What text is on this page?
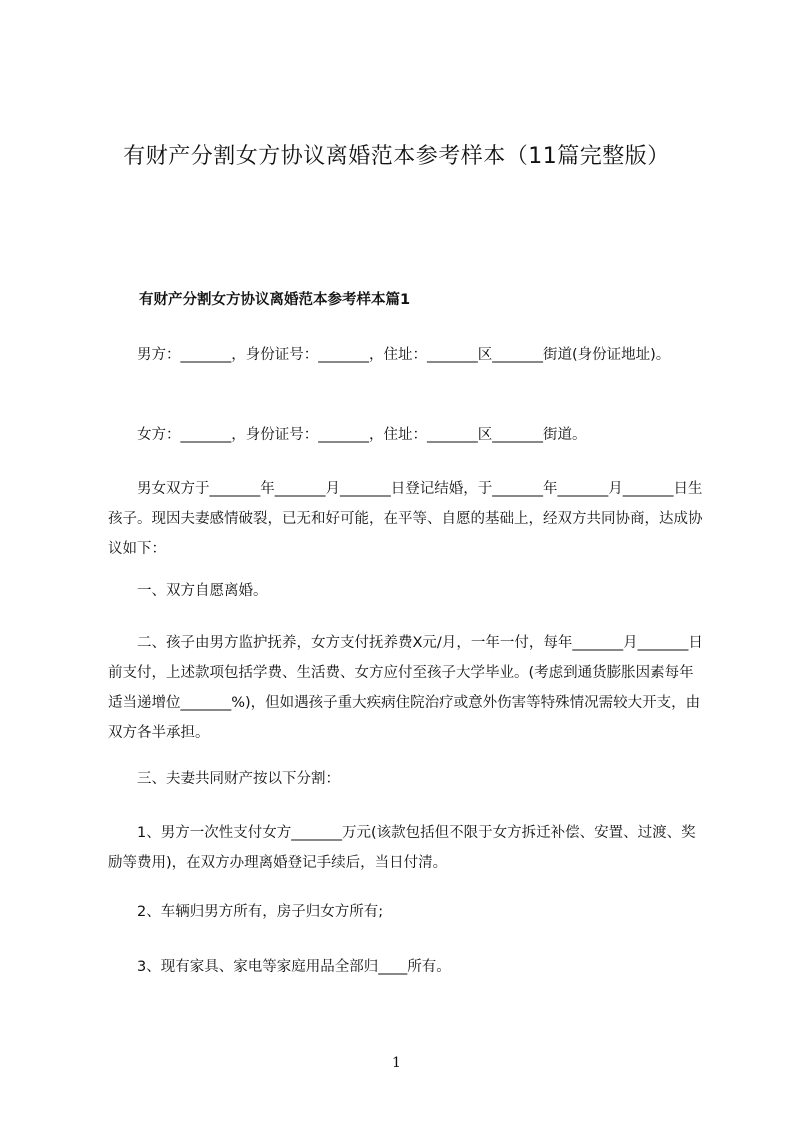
有财产分割女方协议离婚范本参考样本（11篇完整版）
有财产分割女方协议离婚范本参考样本篇1

男方：_______，身份证号：_______，住址：_______区_______街道(身份证地址)。

女方：_______，身份证号：_______，住址：_______区_______街道。

男女双方于_______年_______月_______日登记结婚，于_______年_______月_______日生孩子。现因夫妻感情破裂，已无和好可能，在平等、自愿的基础上，经双方共同协商，达成协议如下：

一、双方自愿离婚。

二、孩子由男方监护抚养，女方支付抚养费X元/月，一年一付，每年_______月_______日前支付，上述款项包括学费、生活费、女方应付至孩子大学毕业。(考虑到通货膨胀因素每年适当递增位_______%)，但如遇孩子重大疾病住院治疗或意外伤害等特殊情况需较大开支，由双方各半承担。

三、夫妻共同财产按以下分割：

1、男方一次性支付女方_______万元(该款包括但不限于女方拆迁补偿、安置、过渡、奖励等费用)，在双方办理离婚登记手续后，当日付清。

2、车辆归男方所有，房子归女方所有;

3、现有家具、家电等家庭用品全部归____所有。

1
